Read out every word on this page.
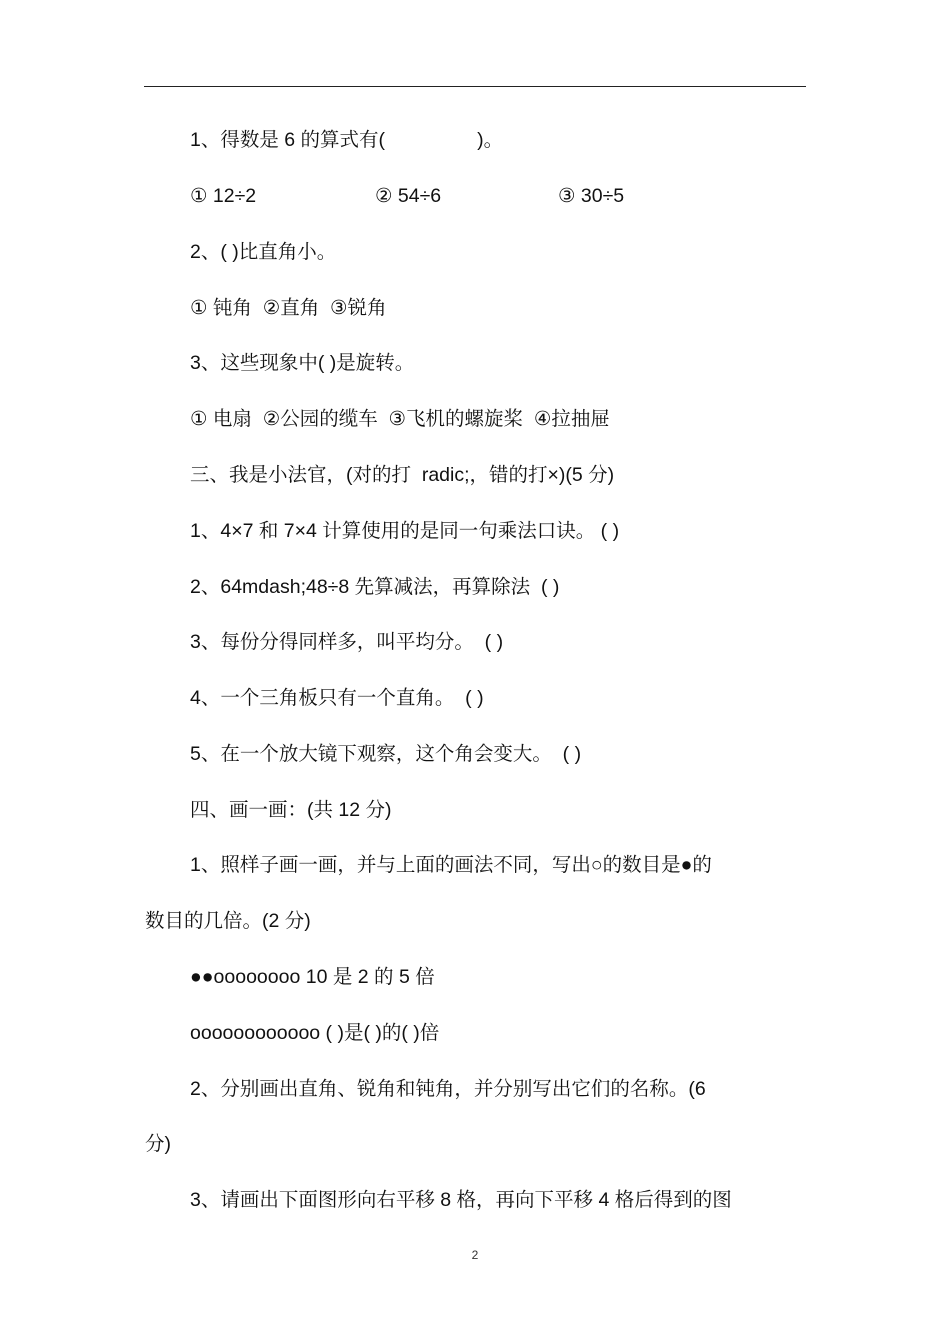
1、得数是 6 的算式有(                 )。
① 12÷2	② 54÷6	③ 30÷5
2、( )比直角小。
① 钝角  ②直角  ③锐角
3、这些现象中( )是旋转。
① 电扇  ②公园的缆车  ③飞机的螺旋桨  ④拉抽屉
三、我是小法官，(对的打  radic;，错的打×)(5 分)
1、4×7 和 7×4 计算使用的是同一句乘法口诀。 ( )
2、64mdash;48÷8 先算减法，再算除法  ( )
3、每份分得同样多，叫平均分。  ( )
4、一个三角板只有一个直角。  ( )
5、在一个放大镜下观察，这个角会变大。  ( )
四、画一画：(共 12 分)
1、照样子画一画，并与上面的画法不同，写出○的数目是●的
数目的几倍。(2 分)
●●oooooooo 10 是 2 的 5 倍
oooooooooooo ( )是( )的( )倍
2、分别画出直角、锐角和钝角，并分别写出它们的名称。(6
分)
3、请画出下面图形向右平移 8 格，再向下平移 4 格后得到的图
2
